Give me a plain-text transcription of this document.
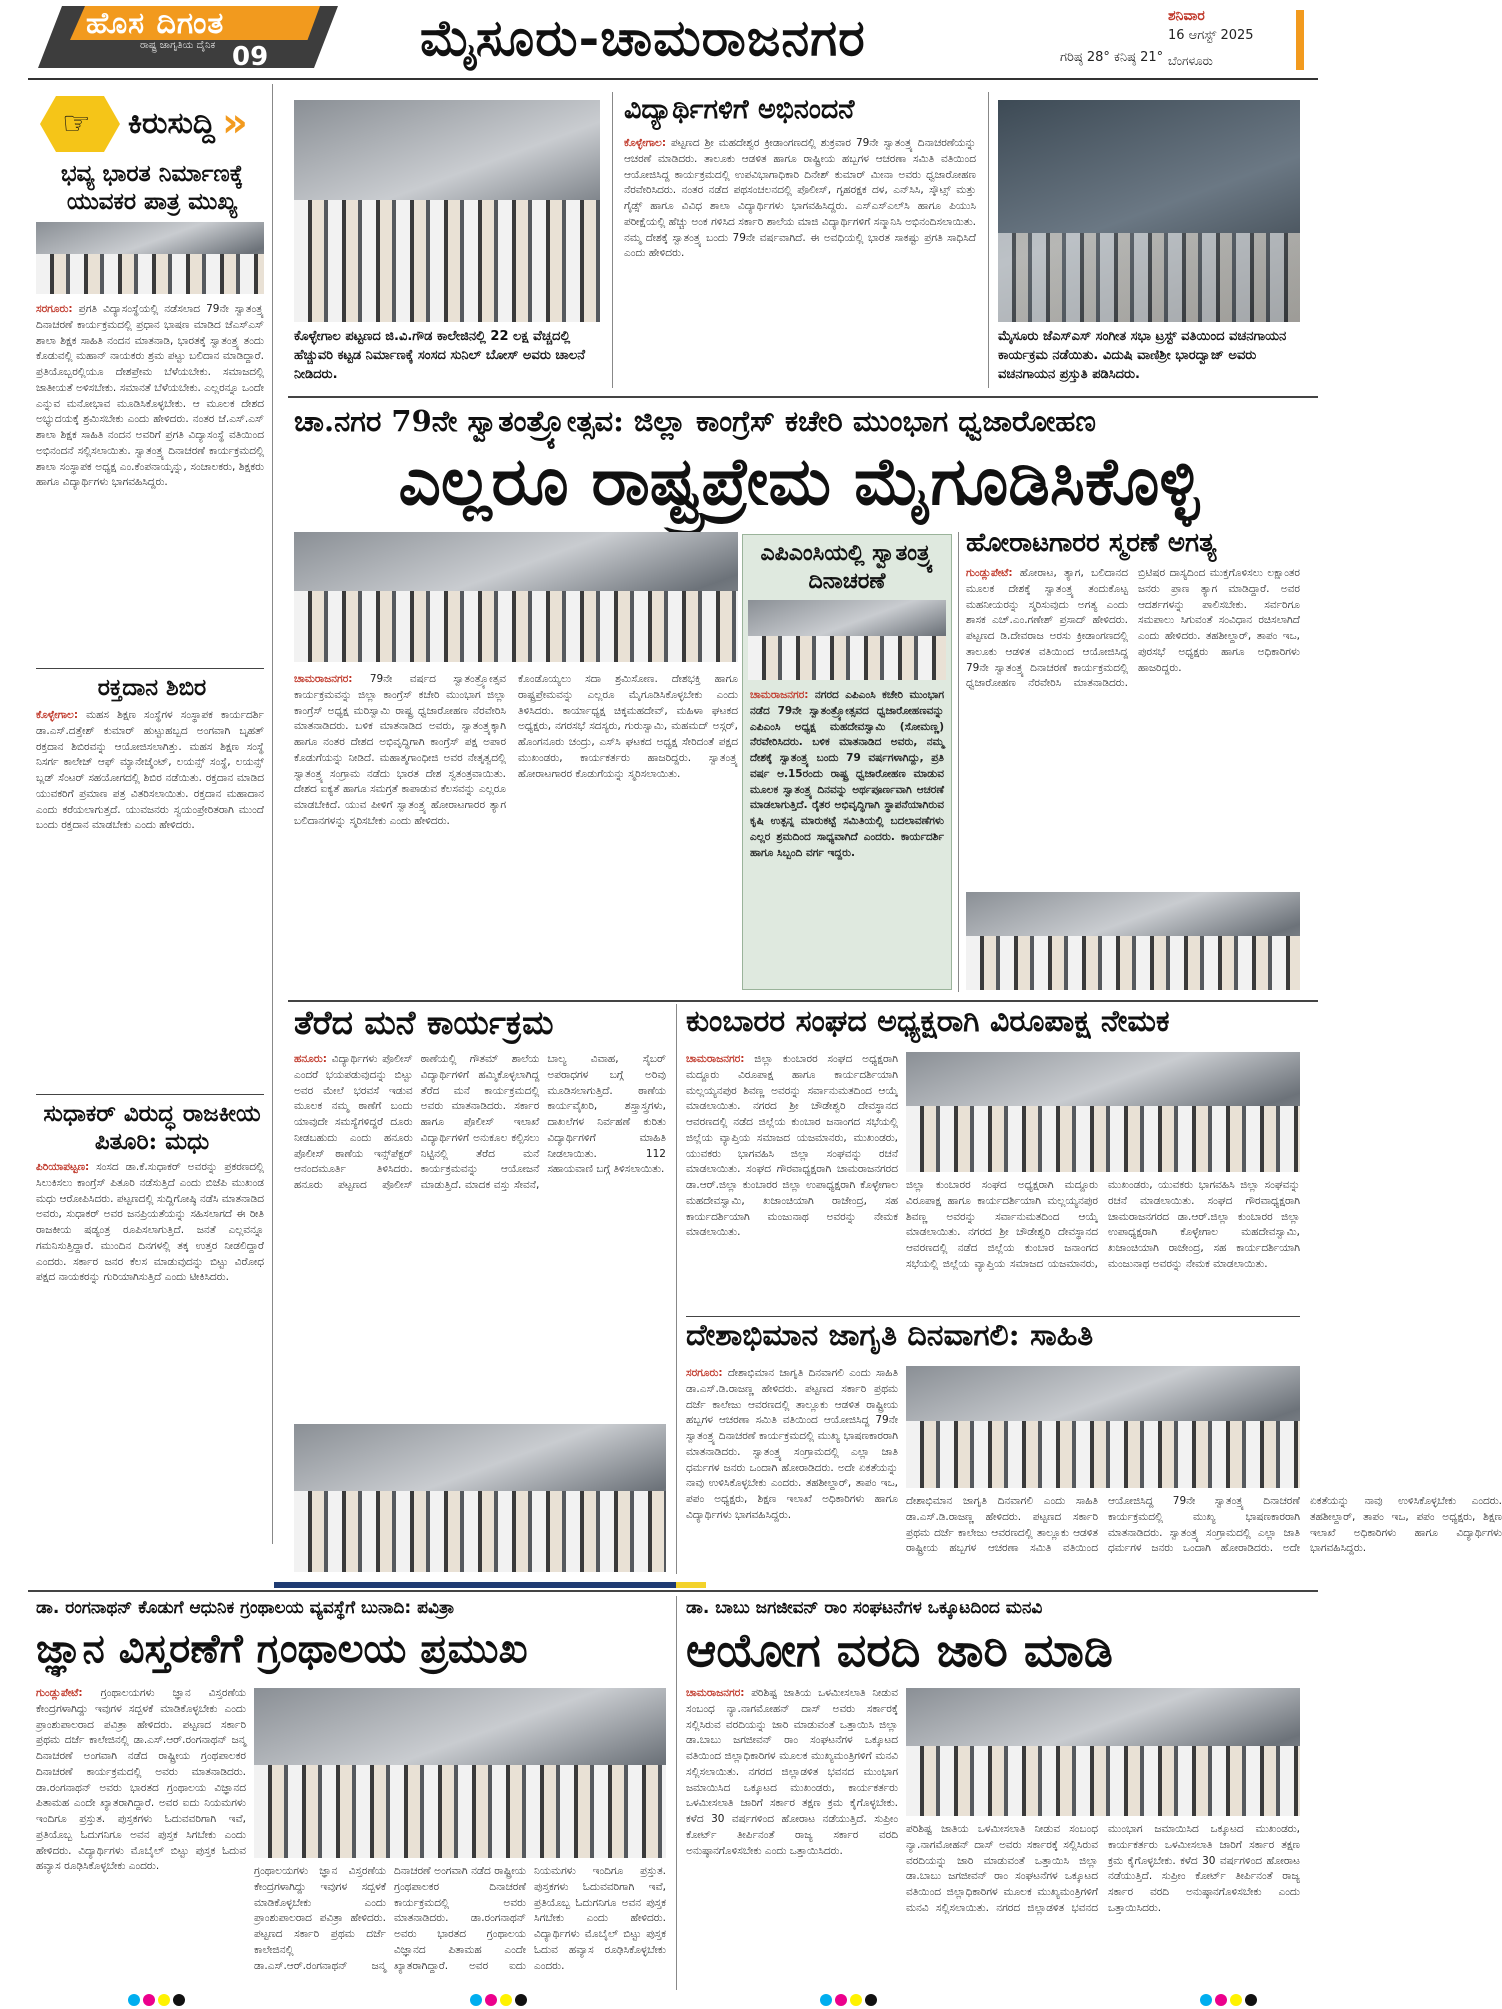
ಹೊಸ ದಿಗಂತ
ರಾಷ್ಟ್ರ ಜಾಗೃತಿಯ ದೈನಿಕ 09	ಮೈಸೂರು-ಚಾಮರಾಜನಗರ	ಶನಿವಾರ
16 ಆಗಸ್ಟ್ 2025
ಗರಿಷ್ಠ 28° ಕನಿಷ್ಠ 21° ಬೆಂಗಳೂರು
☞ ಕಿರುಸುದ್ದಿ »
ಭವ್ಯ ಭಾರತ ನಿರ್ಮಾಣಕ್ಕೆ ಯುವಕರ ಪಾತ್ರ ಮುಖ್ಯ
ಸರಗೂರು: ಪ್ರಗತಿ ವಿದ್ಯಾಸಂಸ್ಥೆಯಲ್ಲಿ ನಡೆಸಲಾದ 79ನೇ ಸ್ವಾತಂತ್ರ್ಯ ದಿನಾಚರಣೆ ಕಾರ್ಯಕ್ರಮದಲ್ಲಿ ಪ್ರಧಾನ ಭಾಷಣ ಮಾಡಿದ ಜೆಎಸ್‌ಎಸ್ ಶಾಲಾ ಶಿಕ್ಷಕ ಸಾಹಿತಿ ನಂದನ ಮಾತನಾಡಿ, ಭಾರತಕ್ಕೆ ಸ್ವಾತಂತ್ರ್ಯ ತಂದು ಕೊಡುವಲ್ಲಿ ಮಹಾನ್ ನಾಯಕರು ಶ್ರಮ ಪಟ್ಟು ಬಲಿದಾನ ಮಾಡಿದ್ದಾರೆ. ಪ್ರತಿಯೊಬ್ಬರಲ್ಲಿಯೂ ದೇಶಪ್ರೇಮ ಬೆಳೆಯಬೇಕು. ಸಮಾಜದಲ್ಲಿ ಜಾತೀಯತೆ ಅಳಿಸಬೇಕು. ಸಮಾನತೆ ಬೆಳೆಯಬೇಕು. ಎಲ್ಲರನ್ನೂ ಒಂದೇ ಎನ್ನುವ ಮನೋಭಾವ ಮೂಡಿಸಿಕೊಳ್ಳಬೇಕು. ಆ ಮೂಲಕ ದೇಶದ ಅಭ್ಯುದಯಕ್ಕೆ ಶ್ರಮಿಸಬೇಕು ಎಂದು ಹೇಳಿದರು. ನಂತರ ಜೆ.ಎಸ್.ಎಸ್ ಶಾಲಾ ಶಿಕ್ಷಕ ಸಾಹಿತಿ ನಂದನ ಅವರಿಗೆ ಪ್ರಗತಿ ವಿದ್ಯಾಸಂಸ್ಥೆ ವತಿಯಿಂದ ಅಭಿನಂದನೆ ಸಲ್ಲಿಸಲಾಯಿತು. ಸ್ವಾತಂತ್ರ್ಯ ದಿನಾಚರಣೆ ಕಾರ್ಯಕ್ರಮದಲ್ಲಿ ಶಾಲಾ ಸಂಸ್ಥಾಪಕ ಅಧ್ಯಕ್ಷ ಎಂ.ಕೆಂಪನಾಯ್ಕನ್ನು, ಸಂಚಾಲಕರು, ಶಿಕ್ಷಕರು ಹಾಗೂ ವಿದ್ಯಾರ್ಥಿಗಳು ಭಾಗವಹಿಸಿದ್ದರು.
ರಕ್ತದಾನ ಶಿಬಿರ
ಕೊಳ್ಳೇಗಾಲ: ಮಹಸ ಶಿಕ್ಷಣ ಸಂಸ್ಥೆಗಳ ಸಂಸ್ಥಾಪಕ ಕಾರ್ಯದರ್ಶಿ ಡಾ.ಎಸ್.ದತ್ತೇಶ್ ಕುಮಾರ್ ಹುಟ್ಟುಹಬ್ಬದ ಅಂಗವಾಗಿ ಬೃಹತ್ ರಕ್ತದಾನ ಶಿಬಿರವನ್ನು ಆಯೋಜಿಸಲಾಗಿತ್ತು. ಮಹಸ ಶಿಕ್ಷಣ ಸಂಸ್ಥೆ ನಿಸರ್ಗ ಕಾಲೇಜ್ ಆಫ್ ಮ್ಯಾನೇಜ್ಮೆಂಟ್, ಲಯನ್ಸ್ ಸಂಸ್ಥೆ, ಲಯನ್ಸ್ ಬ್ಲಡ್ ಸೆಂಟರ್ ಸಹಯೋಗದಲ್ಲಿ ಶಿಬಿರ ನಡೆಯಿತು. ರಕ್ತದಾನ ಮಾಡಿದ ಯುವಕರಿಗೆ ಪ್ರಮಾಣ ಪತ್ರ ವಿತರಿಸಲಾಯಿತು. ರಕ್ತದಾನ ಮಹಾದಾನ ಎಂದು ಕರೆಯಲಾಗುತ್ತದೆ. ಯುವಜನರು ಸ್ವಯಂಪ್ರೇರಿತರಾಗಿ ಮುಂದೆ ಬಂದು ರಕ್ತದಾನ ಮಾಡಬೇಕು ಎಂದು ಹೇಳಿದರು.
ಸುಧಾಕರ್ ವಿರುದ್ಧ ರಾಜಕೀಯ ಪಿತೂರಿ: ಮಧು
ಪಿರಿಯಾಪಟ್ಟಣ: ಸಂಸದ ಡಾ.ಕೆ.ಸುಧಾಕರ್ ಅವರನ್ನು ಪ್ರಕರಣದಲ್ಲಿ ಸಿಲುಕಿಸಲು ಕಾಂಗ್ರೆಸ್ ಪಿತೂರಿ ನಡೆಸುತ್ತಿದೆ ಎಂದು ಬಿಜೆಪಿ ಮುಖಂಡ ಮಧು ಆರೋಪಿಸಿದರು. ಪಟ್ಟಣದಲ್ಲಿ ಸುದ್ದಿಗೋಷ್ಠಿ ನಡೆಸಿ ಮಾತನಾಡಿದ ಅವರು, ಸುಧಾಕರ್ ಅವರ ಜನಪ್ರಿಯತೆಯನ್ನು ಸಹಿಸಲಾಗದೆ ಈ ರೀತಿ ರಾಜಕೀಯ ಷಡ್ಯಂತ್ರ ರೂಪಿಸಲಾಗುತ್ತಿದೆ. ಜನತೆ ಎಲ್ಲವನ್ನೂ ಗಮನಿಸುತ್ತಿದ್ದಾರೆ. ಮುಂದಿನ ದಿನಗಳಲ್ಲಿ ತಕ್ಕ ಉತ್ತರ ನೀಡಲಿದ್ದಾರೆ ಎಂದರು. ಸರ್ಕಾರ ಜನರ ಕೆಲಸ ಮಾಡುವುದನ್ನು ಬಿಟ್ಟು ವಿರೋಧ ಪಕ್ಷದ ನಾಯಕರನ್ನು ಗುರಿಯಾಗಿಸುತ್ತಿದೆ ಎಂದು ಟೀಕಿಸಿದರು.
ಕೊಳ್ಳೇಗಾಲ ಪಟ್ಟಣದ ಜಿ.ವಿ.ಗೌಡ ಕಾಲೇಜಿನಲ್ಲಿ 22 ಲಕ್ಷ ವೆಚ್ಚದಲ್ಲಿ ಹೆಚ್ಚುವರಿ ಕಟ್ಟಡ ನಿರ್ಮಾಣಕ್ಕೆ ಸಂಸದ ಸುನಿಲ್ ಬೋಸ್ ಅವರು ಚಾಲನೆ ನೀಡಿದರು.
ವಿದ್ಯಾರ್ಥಿಗಳಿಗೆ ಅಭಿನಂದನೆ
ಕೊಳ್ಳೇಗಾಲ: ಪಟ್ಟಣದ ಶ್ರೀ ಮಹದೇಶ್ವರ ಕ್ರೀಡಾಂಗಣದಲ್ಲಿ ಶುಕ್ರವಾರ 79ನೇ ಸ್ವಾತಂತ್ರ್ಯ ದಿನಾಚರಣೆಯನ್ನು ಆಚರಣೆ ಮಾಡಿದರು. ತಾಲೂಕು ಆಡಳಿತ ಹಾಗೂ ರಾಷ್ಟ್ರೀಯ ಹಬ್ಬಗಳ ಆಚರಣಾ ಸಮಿತಿ ವತಿಯಿಂದ ಆಯೋಜಿಸಿದ್ದ ಕಾರ್ಯಕ್ರಮದಲ್ಲಿ ಉಪವಿಭಾಗಾಧಿಕಾರಿ ದಿನೇಶ್ ಕುಮಾರ್ ಮೀನಾ ಅವರು ಧ್ವಜಾರೋಹಣ ನೆರವೇರಿಸಿದರು. ನಂತರ ನಡೆದ ಪಥಸಂಚಲನದಲ್ಲಿ ಪೊಲೀಸ್, ಗೃಹರಕ್ಷಕ ದಳ, ಎನ್‌ಸಿಸಿ, ಸ್ಕೌಟ್ಸ್ ಮತ್ತು ಗೈಡ್ಸ್ ಹಾಗೂ ವಿವಿಧ ಶಾಲಾ ವಿದ್ಯಾರ್ಥಿಗಳು ಭಾಗವಹಿಸಿದ್ದರು. ಎಸ್‌ಎಸ್‌ಎಲ್‌ಸಿ ಹಾಗೂ ಪಿಯುಸಿ ಪರೀಕ್ಷೆಯಲ್ಲಿ ಹೆಚ್ಚು ಅಂಕ ಗಳಿಸಿದ ಸರ್ಕಾರಿ ಶಾಲೆಯ ಮಾಜಿ ವಿದ್ಯಾರ್ಥಿಗಳಿಗೆ ಸನ್ಮಾನಿಸಿ ಅಭಿನಂದಿಸಲಾಯಿತು. ನಮ್ಮ ದೇಶಕ್ಕೆ ಸ್ವಾತಂತ್ರ್ಯ ಬಂದು 79ನೇ ವರ್ಷವಾಗಿದೆ. ಈ ಅವಧಿಯಲ್ಲಿ ಭಾರತ ಸಾಕಷ್ಟು ಪ್ರಗತಿ ಸಾಧಿಸಿದೆ ಎಂದು ಹೇಳಿದರು.
ಮೈಸೂರು ಜೆಎಸ್‌ಎಸ್ ಸಂಗೀತ ಸಭಾ ಟ್ರಸ್ಟ್ ವತಿಯಿಂದ ವಚನಗಾಯನ ಕಾರ್ಯಕ್ರಮ ನಡೆಯಿತು. ವಿದುಷಿ ವಾಣಿಶ್ರೀ ಭಾರದ್ವಾಜ್ ಅವರು ವಚನಗಾಯನ ಪ್ರಸ್ತುತಿ ಪಡಿಸಿದರು.
ಚಾ.ನಗರ 79ನೇ ಸ್ವಾತಂತ್ರ್ಯೋತ್ಸವ: ಜಿಲ್ಲಾ ಕಾಂಗ್ರೆಸ್ ಕಚೇರಿ ಮುಂಭಾಗ ಧ್ವಜಾರೋಹಣ
ಎಲ್ಲರೂ ರಾಷ್ಟ್ರಪ್ರೇಮ ಮೈಗೂಡಿಸಿಕೊಳ್ಳಿ
ಚಾಮರಾಜನಗರ: 79ನೇ ವರ್ಷದ ಸ್ವಾತಂತ್ರ್ಯೋತ್ಸವ ಕಾರ್ಯಕ್ರಮವನ್ನು ಜಿಲ್ಲಾ ಕಾಂಗ್ರೆಸ್ ಕಚೇರಿ ಮುಂಭಾಗ ಜಿಲ್ಲಾ ಕಾಂಗ್ರೆಸ್ ಅಧ್ಯಕ್ಷ ಮರಿಸ್ವಾಮಿ ರಾಷ್ಟ್ರ ಧ್ವಜಾರೋಹಣ ನೆರವೇರಿಸಿ ಮಾತನಾಡಿದರು. ಬಳಿಕ ಮಾತನಾಡಿದ ಅವರು, ಸ್ವಾತಂತ್ರ್ಯಕ್ಕಾಗಿ ಹಾಗೂ ನಂತರ ದೇಶದ ಅಭಿವೃದ್ಧಿಗಾಗಿ ಕಾಂಗ್ರೆಸ್ ಪಕ್ಷ ಅಪಾರ ಕೊಡುಗೆಯನ್ನು ನೀಡಿದೆ. ಮಹಾತ್ಮಗಾಂಧೀಜಿ ಅವರ ನೇತೃತ್ವದಲ್ಲಿ ಸ್ವಾತಂತ್ರ್ಯ ಸಂಗ್ರಾಮ ನಡೆದು ಭಾರತ ದೇಶ ಸ್ವತಂತ್ರವಾಯಿತು. ದೇಶದ ಐಕ್ಯತೆ ಹಾಗೂ ಸಮಗ್ರತೆ ಕಾಪಾಡುವ ಕೆಲಸವನ್ನು ಎಲ್ಲರೂ ಮಾಡಬೇಕಿದೆ. ಯುವ ಪೀಳಿಗೆ ಸ್ವಾತಂತ್ರ್ಯ ಹೋರಾಟಗಾರರ ತ್ಯಾಗ ಬಲಿದಾನಗಳನ್ನು ಸ್ಮರಿಸಬೇಕು ಎಂದು ಹೇಳಿದರು.
ಕೊಂಡೊಯ್ಯಲು ಸದಾ ಶ್ರಮಿಸೋಣ. ದೇಶಭಕ್ತಿ ಹಾಗೂ ರಾಷ್ಟ್ರಪ್ರೇಮವನ್ನು ಎಲ್ಲರೂ ಮೈಗೂಡಿಸಿಕೊಳ್ಳಬೇಕು ಎಂದು ತಿಳಿಸಿದರು. ಕಾರ್ಯಾಧ್ಯಕ್ಷ ಚಿಕ್ಕಮಹದೇವ್, ಮಹಿಳಾ ಘಟಕದ ಅಧ್ಯಕ್ಷರು, ನಗರಸಭೆ ಸದಸ್ಯರು, ಗುರುಸ್ವಾಮಿ, ಮಹಮದ್ ಅಸ್ಗರ್, ಹೊಂಗನೂರು ಚಂದ್ರು, ಎಸ್‌ಸಿ ಘಟಕದ ಅಧ್ಯಕ್ಷ ಸೇರಿದಂತೆ ಪಕ್ಷದ ಮುಖಂಡರು, ಕಾರ್ಯಕರ್ತರು ಹಾಜರಿದ್ದರು. ಸ್ವಾತಂತ್ರ್ಯ ಹೋರಾಟಗಾರರ ಕೊಡುಗೆಯನ್ನು ಸ್ಮರಿಸಲಾಯಿತು.
ಎಪಿಎಂಸಿಯಲ್ಲಿ ಸ್ವಾತಂತ್ರ್ಯ ದಿನಾಚರಣೆ
ಚಾಮರಾಜನಗರ: ನಗರದ ಎಪಿಎಂಸಿ ಕಚೇರಿ ಮುಂಭಾಗ ನಡೆದ 79ನೇ ಸ್ವಾತಂತ್ರ್ಯೋತ್ಸವದ ಧ್ವಜಾರೋಹಣವನ್ನು ಎಪಿಎಂಸಿ ಅಧ್ಯಕ್ಷ ಮಹದೇವಸ್ವಾಮಿ (ಸೋಮಣ್ಣ) ನೆರವೇರಿಸಿದರು. ಬಳಿಕ ಮಾತನಾಡಿದ ಅವರು, ನಮ್ಮ ದೇಶಕ್ಕೆ ಸ್ವಾತಂತ್ರ್ಯ ಬಂದು 79 ವರ್ಷಗಳಾಗಿದ್ದು, ಪ್ರತಿ ವರ್ಷ ಆ.15ರಂದು ರಾಷ್ಟ್ರ ಧ್ವಜಾರೋಹಣ ಮಾಡುವ ಮೂಲಕ ಸ್ವಾತಂತ್ರ್ಯ ದಿನವನ್ನು ಅರ್ಥಪೂರ್ಣವಾಗಿ ಆಚರಣೆ ಮಾಡಲಾಗುತ್ತಿದೆ. ರೈತರ ಅಭಿವೃದ್ಧಿಗಾಗಿ ಸ್ಥಾಪನೆಯಾಗಿರುವ ಕೃಷಿ ಉತ್ಪನ್ನ ಮಾರುಕಟ್ಟೆ ಸಮಿತಿಯಲ್ಲಿ ಬದಲಾವಣೆಗಳು ಎಲ್ಲರ ಶ್ರಮದಿಂದ ಸಾಧ್ಯವಾಗಿದೆ ಎಂದರು. ಕಾರ್ಯದರ್ಶಿ ಹಾಗೂ ಸಿಬ್ಬಂದಿ ವರ್ಗ ಇದ್ದರು.
ಹೋರಾಟಗಾರರ ಸ್ಮರಣೆ ಅಗತ್ಯ
ಗುಂಡ್ಲುಪೇಟೆ: ಹೋರಾಟ, ತ್ಯಾಗ, ಬಲಿದಾನದ ಮೂಲಕ ದೇಶಕ್ಕೆ ಸ್ವಾತಂತ್ರ್ಯ ತಂದುಕೊಟ್ಟ ಮಹನೀಯರನ್ನು ಸ್ಮರಿಸುವುದು ಅಗತ್ಯ ಎಂದು ಶಾಸಕ ಎಚ್.ಎಂ.ಗಣೇಶ್ ಪ್ರಸಾದ್ ಹೇಳಿದರು. ಪಟ್ಟಣದ ಡಿ.ದೇವರಾಜ ಅರಸು ಕ್ರೀಡಾಂಗಣದಲ್ಲಿ ತಾಲೂಕು ಆಡಳಿತ ವತಿಯಿಂದ ಆಯೋಜಿಸಿದ್ದ 79ನೇ ಸ್ವಾತಂತ್ರ್ಯ ದಿನಾಚರಣೆ ಕಾರ್ಯಕ್ರಮದಲ್ಲಿ ಧ್ವಜಾರೋಹಣ ನೆರವೇರಿಸಿ ಮಾತನಾಡಿದರು. ಬ್ರಿಟಿಷರ ದಾಸ್ಯದಿಂದ ಮುಕ್ತಗೊಳಿಸಲು ಲಕ್ಷಾಂತರ ಜನರು ಪ್ರಾಣ ತ್ಯಾಗ ಮಾಡಿದ್ದಾರೆ. ಅವರ ಆದರ್ಶಗಳನ್ನು ಪಾಲಿಸಬೇಕು. ಸರ್ವರಿಗೂ ಸಮಪಾಲು ಸಿಗುವಂತೆ ಸಂವಿಧಾನ ರಚಿಸಲಾಗಿದೆ ಎಂದು ಹೇಳಿದರು. ತಹಶೀಲ್ದಾರ್, ತಾಪಂ ಇಒ, ಪುರಸಭೆ ಅಧ್ಯಕ್ಷರು ಹಾಗೂ ಅಧಿಕಾರಿಗಳು ಹಾಜರಿದ್ದರು.
ತೆರೆದ ಮನೆ ಕಾರ್ಯಕ್ರಮ
ಹನೂರು: ವಿದ್ಯಾರ್ಥಿಗಳು ಪೊಲೀಸ್ ಎಂದರೆ ಭಯಪಡುವುದನ್ನು ಬಿಟ್ಟು ಅವರ ಮೇಲೆ ಭರವಸೆ ಇಡುವ ಮೂಲಕ ನಮ್ಮ ಠಾಣೆಗೆ ಬಂದು ಯಾವುದೇ ಸಮಸ್ಯೆಗಳಿದ್ದರೆ ದೂರು ನೀಡಬಹುದು ಎಂದು ಹನೂರು ಪೊಲೀಸ್ ಠಾಣೆಯ ಇನ್ಸ್‌ಪೆಕ್ಟರ್ ಆನಂದಮೂರ್ತಿ ತಿಳಿಸಿದರು. ಹನೂರು ಪಟ್ಟಣದ ಪೊಲೀಸ್ ಠಾಣೆಯಲ್ಲಿ ಗೌತಮ್ ಶಾಲೆಯ ವಿದ್ಯಾರ್ಥಿಗಳಿಗೆ ಹಮ್ಮಿಕೊಳ್ಳಲಾಗಿದ್ದ ತೆರೆದ ಮನೆ ಕಾರ್ಯಕ್ರಮದಲ್ಲಿ ಅವರು ಮಾತನಾಡಿದರು. ಸರ್ಕಾರ ಹಾಗೂ ಪೊಲೀಸ್ ಇಲಾಖೆ ವಿದ್ಯಾರ್ಥಿಗಳಿಗೆ ಅನುಕೂಲ ಕಲ್ಪಿಸಲು ನಿಟ್ಟಿನಲ್ಲಿ ತೆರೆದ ಮನೆ ಕಾರ್ಯಕ್ರಮವನ್ನು ಆಯೋಜನೆ ಮಾಡುತ್ತಿದೆ. ಮಾದಕ ವಸ್ತು ಸೇವನೆ, ಬಾಲ್ಯ ವಿವಾಹ, ಸೈಬರ್ ಅಪರಾಧಗಳ ಬಗ್ಗೆ ಅರಿವು ಮೂಡಿಸಲಾಗುತ್ತಿದೆ. ಠಾಣೆಯ ಕಾರ್ಯವೈಖರಿ, ಶಸ್ತ್ರಾಸ್ತ್ರಗಳು, ದಾಖಲೆಗಳ ನಿರ್ವಹಣೆ ಕುರಿತು ವಿದ್ಯಾರ್ಥಿಗಳಿಗೆ ಮಾಹಿತಿ ನೀಡಲಾಯಿತು. 112 ಸಹಾಯವಾಣಿ ಬಗ್ಗೆ ತಿಳಿಸಲಾಯಿತು.
ಕುಂಬಾರರ ಸಂಘದ ಅಧ್ಯಕ್ಷರಾಗಿ ವಿರೂಪಾಕ್ಷ ನೇಮಕ
ಚಾಮರಾಜನಗರ: ಜಿಲ್ಲಾ ಕುಂಬಾರರ ಸಂಘದ ಅಧ್ಯಕ್ಷರಾಗಿ ಮದ್ದೂರು ವಿರೂಪಾಕ್ಷ ಹಾಗೂ ಕಾರ್ಯದರ್ಶಿಯಾಗಿ ಮಲ್ಲಯ್ಯನಪುರ ಶಿವಣ್ಣ ಅವರನ್ನು ಸರ್ವಾನುಮತದಿಂದ ಆಯ್ಕೆ ಮಾಡಲಾಯಿತು. ನಗರದ ಶ್ರೀ ಚೌಡೇಶ್ವರಿ ದೇವಸ್ಥಾನದ ಆವರಣದಲ್ಲಿ ನಡೆದ ಜಿಲ್ಲೆಯ ಕುಂಬಾರ ಜನಾಂಗದ ಸಭೆಯಲ್ಲಿ ಜಿಲ್ಲೆಯ ವ್ಯಾಪ್ತಿಯ ಸಮಾಜದ ಯಜಮಾನರು, ಮುಖಂಡರು, ಯುವಕರು ಭಾಗವಹಿಸಿ ಜಿಲ್ಲಾ ಸಂಘವನ್ನು ರಚನೆ ಮಾಡಲಾಯಿತು. ಸಂಘದ ಗೌರವಾಧ್ಯಕ್ಷರಾಗಿ ಚಾಮರಾಜನಗರದ ಡಾ.ಆರ್.ಜಿಲ್ಲಾ ಕುಂಬಾರರ ಜಿಲ್ಲಾ ಉಪಾಧ್ಯಕ್ಷರಾಗಿ ಕೊಳ್ಳೇಗಾಲ ಮಹದೇವಸ್ವಾಮಿ, ಖಜಾಂಚಿಯಾಗಿ ರಾಜೇಂದ್ರ, ಸಹ ಕಾರ್ಯದರ್ಶಿಯಾಗಿ ಮಂಜುನಾಥ ಅವರನ್ನು ನೇಮಕ ಮಾಡಲಾಯಿತು.
ಜಿಲ್ಲಾ ಕುಂಬಾರರ ಸಂಘದ ಅಧ್ಯಕ್ಷರಾಗಿ ಮದ್ದೂರು ವಿರೂಪಾಕ್ಷ ಹಾಗೂ ಕಾರ್ಯದರ್ಶಿಯಾಗಿ ಮಲ್ಲಯ್ಯನಪುರ ಶಿವಣ್ಣ ಅವರನ್ನು ಸರ್ವಾನುಮತದಿಂದ ಆಯ್ಕೆ ಮಾಡಲಾಯಿತು. ನಗರದ ಶ್ರೀ ಚೌಡೇಶ್ವರಿ ದೇವಸ್ಥಾನದ ಆವರಣದಲ್ಲಿ ನಡೆದ ಜಿಲ್ಲೆಯ ಕುಂಬಾರ ಜನಾಂಗದ ಸಭೆಯಲ್ಲಿ ಜಿಲ್ಲೆಯ ವ್ಯಾಪ್ತಿಯ ಸಮಾಜದ ಯಜಮಾನರು, ಮುಖಂಡರು, ಯುವಕರು ಭಾಗವಹಿಸಿ ಜಿಲ್ಲಾ ಸಂಘವನ್ನು ರಚನೆ ಮಾಡಲಾಯಿತು. ಸಂಘದ ಗೌರವಾಧ್ಯಕ್ಷರಾಗಿ ಚಾಮರಾಜನಗರದ ಡಾ.ಆರ್.ಜಿಲ್ಲಾ ಕುಂಬಾರರ ಜಿಲ್ಲಾ ಉಪಾಧ್ಯಕ್ಷರಾಗಿ ಕೊಳ್ಳೇಗಾಲ ಮಹದೇವಸ್ವಾಮಿ, ಖಜಾಂಚಿಯಾಗಿ ರಾಜೇಂದ್ರ, ಸಹ ಕಾರ್ಯದರ್ಶಿಯಾಗಿ ಮಂಜುನಾಥ ಅವರನ್ನು ನೇಮಕ ಮಾಡಲಾಯಿತು.
ದೇಶಾಭಿಮಾನ ಜಾಗೃತಿ ದಿನವಾಗಲಿ: ಸಾಹಿತಿ
ಸರಗೂರು: ದೇಶಾಭಿಮಾನ ಜಾಗೃತಿ ದಿನವಾಗಲಿ ಎಂದು ಸಾಹಿತಿ ಡಾ.ಎಸ್.ಡಿ.ರಾಜಣ್ಣ ಹೇಳಿದರು. ಪಟ್ಟಣದ ಸರ್ಕಾರಿ ಪ್ರಥಮ ದರ್ಜೆ ಕಾಲೇಜು ಆವರಣದಲ್ಲಿ ತಾಲ್ಲೂಕು ಆಡಳಿತ ರಾಷ್ಟ್ರೀಯ ಹಬ್ಬಗಳ ಆಚರಣಾ ಸಮಿತಿ ವತಿಯಿಂದ ಆಯೋಜಿಸಿದ್ದ 79ನೇ ಸ್ವಾತಂತ್ರ್ಯ ದಿನಾಚರಣೆ ಕಾರ್ಯಕ್ರಮದಲ್ಲಿ ಮುಖ್ಯ ಭಾಷಣಕಾರರಾಗಿ ಮಾತನಾಡಿದರು. ಸ್ವಾತಂತ್ರ್ಯ ಸಂಗ್ರಾಮದಲ್ಲಿ ಎಲ್ಲಾ ಜಾತಿ ಧರ್ಮಗಳ ಜನರು ಒಂದಾಗಿ ಹೋರಾಡಿದರು. ಅದೇ ಏಕತೆಯನ್ನು ನಾವು ಉಳಿಸಿಕೊಳ್ಳಬೇಕು ಎಂದರು. ತಹಶೀಲ್ದಾರ್, ತಾಪಂ ಇಒ, ಪಪಂ ಅಧ್ಯಕ್ಷರು, ಶಿಕ್ಷಣ ಇಲಾಖೆ ಅಧಿಕಾರಿಗಳು ಹಾಗೂ ವಿದ್ಯಾರ್ಥಿಗಳು ಭಾಗವಹಿಸಿದ್ದರು.
ದೇಶಾಭಿಮಾನ ಜಾಗೃತಿ ದಿನವಾಗಲಿ ಎಂದು ಸಾಹಿತಿ ಡಾ.ಎಸ್.ಡಿ.ರಾಜಣ್ಣ ಹೇಳಿದರು. ಪಟ್ಟಣದ ಸರ್ಕಾರಿ ಪ್ರಥಮ ದರ್ಜೆ ಕಾಲೇಜು ಆವರಣದಲ್ಲಿ ತಾಲ್ಲೂಕು ಆಡಳಿತ ರಾಷ್ಟ್ರೀಯ ಹಬ್ಬಗಳ ಆಚರಣಾ ಸಮಿತಿ ವತಿಯಿಂದ ಆಯೋಜಿಸಿದ್ದ 79ನೇ ಸ್ವಾತಂತ್ರ್ಯ ದಿನಾಚರಣೆ ಕಾರ್ಯಕ್ರಮದಲ್ಲಿ ಮುಖ್ಯ ಭಾಷಣಕಾರರಾಗಿ ಮಾತನಾಡಿದರು. ಸ್ವಾತಂತ್ರ್ಯ ಸಂಗ್ರಾಮದಲ್ಲಿ ಎಲ್ಲಾ ಜಾತಿ ಧರ್ಮಗಳ ಜನರು ಒಂದಾಗಿ ಹೋರಾಡಿದರು. ಅದೇ ಏಕತೆಯನ್ನು ನಾವು ಉಳಿಸಿಕೊಳ್ಳಬೇಕು ಎಂದರು. ತಹಶೀಲ್ದಾರ್, ತಾಪಂ ಇಒ, ಪಪಂ ಅಧ್ಯಕ್ಷರು, ಶಿಕ್ಷಣ ಇಲಾಖೆ ಅಧಿಕಾರಿಗಳು ಹಾಗೂ ವಿದ್ಯಾರ್ಥಿಗಳು ಭಾಗವಹಿಸಿದ್ದರು.
ಡಾ. ರಂಗನಾಥನ್ ಕೊಡುಗೆ ಆಧುನಿಕ ಗ್ರಂಥಾಲಯ ವ್ಯವಸ್ಥೆಗೆ ಬುನಾದಿ: ಪವಿತ್ರಾ
ಜ್ಞಾನ ವಿಸ್ತರಣೆಗೆ ಗ್ರಂಥಾಲಯ ಪ್ರಮುಖ
ಗುಂಡ್ಲುಪೇಟೆ: ಗ್ರಂಥಾಲಯಗಳು ಜ್ಞಾನ ವಿಸ್ತರಣೆಯ ಕೇಂದ್ರಗಳಾಗಿದ್ದು ಇವುಗಳ ಸದ್ಬಳಕೆ ಮಾಡಿಕೊಳ್ಳಬೇಕು ಎಂದು ಪ್ರಾಂಶುಪಾಲರಾದ ಪವಿತ್ರಾ ಹೇಳಿದರು. ಪಟ್ಟಣದ ಸರ್ಕಾರಿ ಪ್ರಥಮ ದರ್ಜೆ ಕಾಲೇಜಿನಲ್ಲಿ ಡಾ.ಎಸ್.ಆರ್.ರಂಗನಾಥನ್ ಜನ್ಮ ದಿನಾಚರಣೆ ಅಂಗವಾಗಿ ನಡೆದ ರಾಷ್ಟ್ರೀಯ ಗ್ರಂಥಪಾಲಕರ ದಿನಾಚರಣೆ ಕಾರ್ಯಕ್ರಮದಲ್ಲಿ ಅವರು ಮಾತನಾಡಿದರು. ಡಾ.ರಂಗನಾಥನ್ ಅವರು ಭಾರತದ ಗ್ರಂಥಾಲಯ ವಿಜ್ಞಾನದ ಪಿತಾಮಹ ಎಂದೇ ಖ್ಯಾತರಾಗಿದ್ದಾರೆ. ಅವರ ಐದು ನಿಯಮಗಳು ಇಂದಿಗೂ ಪ್ರಸ್ತುತ. ಪುಸ್ತಕಗಳು ಓದುವವರಿಗಾಗಿ ಇವೆ, ಪ್ರತಿಯೊಬ್ಬ ಓದುಗನಿಗೂ ಅವನ ಪುಸ್ತಕ ಸಿಗಬೇಕು ಎಂದು ಹೇಳಿದರು. ವಿದ್ಯಾರ್ಥಿಗಳು ಮೊಬೈಲ್ ಬಿಟ್ಟು ಪುಸ್ತಕ ಓದುವ ಹವ್ಯಾಸ ರೂಢಿಸಿಕೊಳ್ಳಬೇಕು ಎಂದರು.	ಗ್ರಂಥಾಲಯಗಳು ಜ್ಞಾನ ವಿಸ್ತರಣೆಯ ಕೇಂದ್ರಗಳಾಗಿದ್ದು ಇವುಗಳ ಸದ್ಬಳಕೆ ಮಾಡಿಕೊಳ್ಳಬೇಕು ಎಂದು ಪ್ರಾಂಶುಪಾಲರಾದ ಪವಿತ್ರಾ ಹೇಳಿದರು. ಪಟ್ಟಣದ ಸರ್ಕಾರಿ ಪ್ರಥಮ ದರ್ಜೆ ಕಾಲೇಜಿನಲ್ಲಿ ಡಾ.ಎಸ್.ಆರ್.ರಂಗನಾಥನ್ ಜನ್ಮ ದಿನಾಚರಣೆ ಅಂಗವಾಗಿ ನಡೆದ ರಾಷ್ಟ್ರೀಯ ಗ್ರಂಥಪಾಲಕರ ದಿನಾಚರಣೆ ಕಾರ್ಯಕ್ರಮದಲ್ಲಿ ಅವರು ಮಾತನಾಡಿದರು. ಡಾ.ರಂಗನಾಥನ್ ಅವರು ಭಾರತದ ಗ್ರಂಥಾಲಯ ವಿಜ್ಞಾನದ ಪಿತಾಮಹ ಎಂದೇ ಖ್ಯಾತರಾಗಿದ್ದಾರೆ. ಅವರ ಐದು ನಿಯಮಗಳು ಇಂದಿಗೂ ಪ್ರಸ್ತುತ. ಪುಸ್ತಕಗಳು ಓದುವವರಿಗಾಗಿ ಇವೆ, ಪ್ರತಿಯೊಬ್ಬ ಓದುಗನಿಗೂ ಅವನ ಪುಸ್ತಕ ಸಿಗಬೇಕು ಎಂದು ಹೇಳಿದರು. ವಿದ್ಯಾರ್ಥಿಗಳು ಮೊಬೈಲ್ ಬಿಟ್ಟು ಪುಸ್ತಕ ಓದುವ ಹವ್ಯಾಸ ರೂಢಿಸಿಕೊಳ್ಳಬೇಕು ಎಂದರು.
ಡಾ. ಬಾಬು ಜಗಜೀವನ್ ರಾಂ ಸಂಘಟನೆಗಳ ಒಕ್ಕೂಟದಿಂದ ಮನವಿ
ಆಯೋಗ ವರದಿ ಜಾರಿ ಮಾಡಿ
ಚಾಮರಾಜನಗರ: ಪರಿಶಿಷ್ಟ ಜಾತಿಯ ಒಳಮೀಸಲಾತಿ ನೀಡುವ ಸಂಬಂಧ ನ್ಯಾ.ನಾಗಮೋಹನ್ ದಾಸ್ ಅವರು ಸರ್ಕಾರಕ್ಕೆ ಸಲ್ಲಿಸಿರುವ ವರದಿಯನ್ನು ಜಾರಿ ಮಾಡುವಂತೆ ಒತ್ತಾಯಿಸಿ ಜಿಲ್ಲಾ ಡಾ.ಬಾಬು ಜಗಜೀವನ್ ರಾಂ ಸಂಘಟನೆಗಳ ಒಕ್ಕೂಟದ ವತಿಯಿಂದ ಜಿಲ್ಲಾಧಿಕಾರಿಗಳ ಮೂಲಕ ಮುಖ್ಯಮಂತ್ರಿಗಳಿಗೆ ಮನವಿ ಸಲ್ಲಿಸಲಾಯಿತು. ನಗರದ ಜಿಲ್ಲಾಡಳಿತ ಭವನದ ಮುಂಭಾಗ ಜಮಾಯಿಸಿದ ಒಕ್ಕೂಟದ ಮುಖಂಡರು, ಕಾರ್ಯಕರ್ತರು ಒಳಮೀಸಲಾತಿ ಜಾರಿಗೆ ಸರ್ಕಾರ ತಕ್ಷಣ ಕ್ರಮ ಕೈಗೊಳ್ಳಬೇಕು. ಕಳೆದ 30 ವರ್ಷಗಳಿಂದ ಹೋರಾಟ ನಡೆಯುತ್ತಿದೆ. ಸುಪ್ರೀಂ ಕೋರ್ಟ್ ತೀರ್ಪಿನಂತೆ ರಾಜ್ಯ ಸರ್ಕಾರ ವರದಿ ಅನುಷ್ಠಾನಗೊಳಿಸಬೇಕು ಎಂದು ಒತ್ತಾಯಿಸಿದರು.
ಪರಿಶಿಷ್ಟ ಜಾತಿಯ ಒಳಮೀಸಲಾತಿ ನೀಡುವ ಸಂಬಂಧ ನ್ಯಾ.ನಾಗಮೋಹನ್ ದಾಸ್ ಅವರು ಸರ್ಕಾರಕ್ಕೆ ಸಲ್ಲಿಸಿರುವ ವರದಿಯನ್ನು ಜಾರಿ ಮಾಡುವಂತೆ ಒತ್ತಾಯಿಸಿ ಜಿಲ್ಲಾ ಡಾ.ಬಾಬು ಜಗಜೀವನ್ ರಾಂ ಸಂಘಟನೆಗಳ ಒಕ್ಕೂಟದ ವತಿಯಿಂದ ಜಿಲ್ಲಾಧಿಕಾರಿಗಳ ಮೂಲಕ ಮುಖ್ಯಮಂತ್ರಿಗಳಿಗೆ ಮನವಿ ಸಲ್ಲಿಸಲಾಯಿತು. ನಗರದ ಜಿಲ್ಲಾಡಳಿತ ಭವನದ ಮುಂಭಾಗ ಜಮಾಯಿಸಿದ ಒಕ್ಕೂಟದ ಮುಖಂಡರು, ಕಾರ್ಯಕರ್ತರು ಒಳಮೀಸಲಾತಿ ಜಾರಿಗೆ ಸರ್ಕಾರ ತಕ್ಷಣ ಕ್ರಮ ಕೈಗೊಳ್ಳಬೇಕು. ಕಳೆದ 30 ವರ್ಷಗಳಿಂದ ಹೋರಾಟ ನಡೆಯುತ್ತಿದೆ. ಸುಪ್ರೀಂ ಕೋರ್ಟ್ ತೀರ್ಪಿನಂತೆ ರಾಜ್ಯ ಸರ್ಕಾರ ವರದಿ ಅನುಷ್ಠಾನಗೊಳಿಸಬೇಕು ಎಂದು ಒತ್ತಾಯಿಸಿದರು.
